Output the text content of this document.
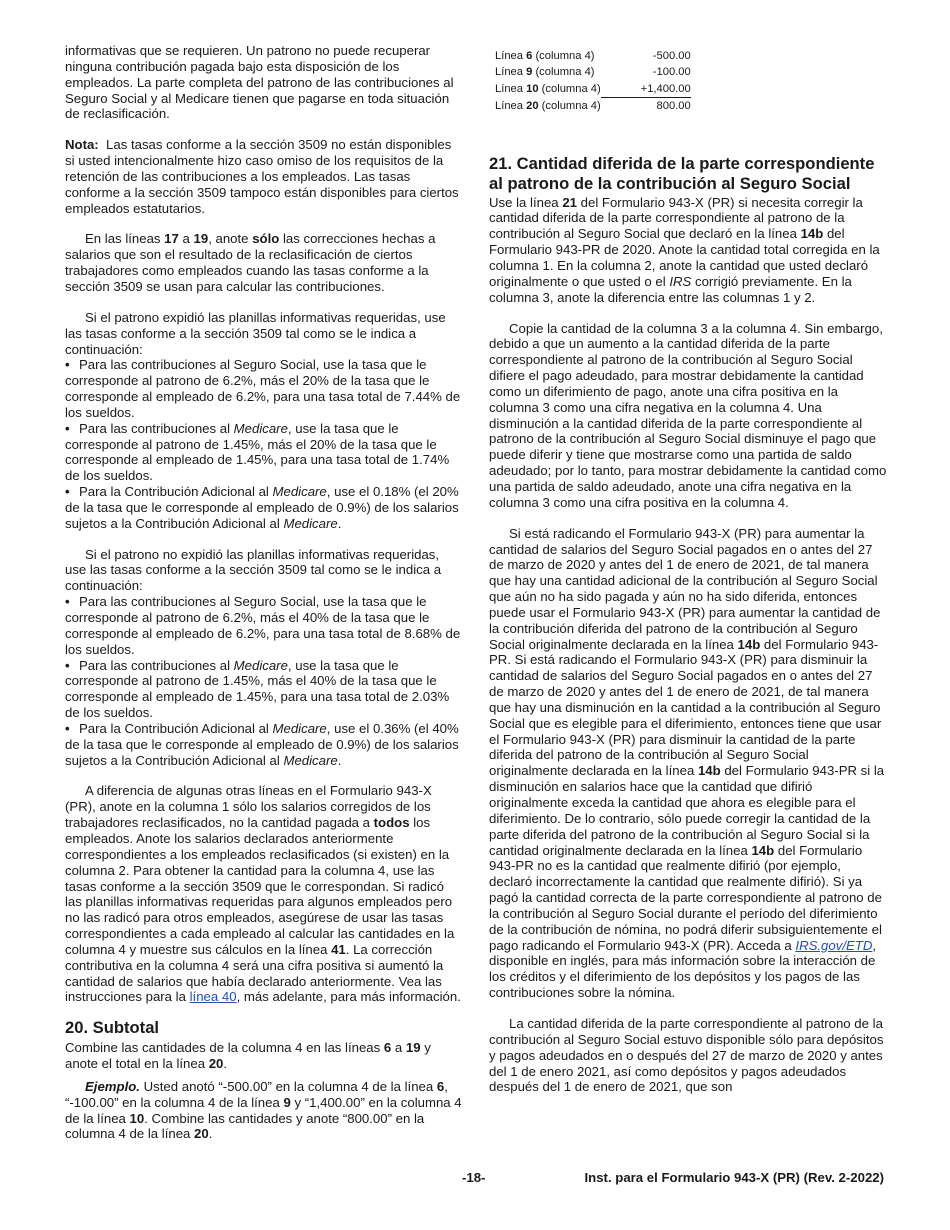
informativas que se requieren. Un patrono no puede recuperar ninguna contribución pagada bajo esta disposición de los empleados. La parte completa del patrono de las contribuciones al Seguro Social y al Medicare tienen que pagarse en toda situación de reclasificación.

Nota: Las tasas conforme a la sección 3509 no están disponibles si usted intencionalmente hizo caso omiso de los requisitos de la retención de las contribuciones a los empleados. Las tasas conforme a la sección 3509 tampoco están disponibles para ciertos empleados estatutarios.

En las líneas 17 a 19, anote sólo las correcciones hechas a salarios que son el resultado de la reclasificación de ciertos trabajadores como empleados cuando las tasas conforme a la sección 3509 se usan para calcular las contribuciones.

Si el patrono expidió las planillas informativas requeridas, use las tasas conforme a la sección 3509 tal como se le indica a continuación:

• Para las contribuciones al Seguro Social, use la tasa que le corresponde al patrono de 6.2%, más el 20% de la tasa que le corresponde al empleado de 6.2%, para una tasa total de 7.44% de los sueldos.

• Para las contribuciones al Medicare, use la tasa que le corresponde al patrono de 1.45%, más el 20% de la tasa que le corresponde al empleado de 1.45%, para una tasa total de 1.74% de los sueldos.

• Para la Contribución Adicional al Medicare, use el 0.18% (el 20% de la tasa que le corresponde al empleado de 0.9%) de los salarios sujetos a la Contribución Adicional al Medicare.

Si el patrono no expidió las planillas informativas requeridas, use las tasas conforme a la sección 3509 tal como se le indica a continuación:

• Para las contribuciones al Seguro Social, use la tasa que le corresponde al patrono de 6.2%, más el 40% de la tasa que le corresponde al empleado de 6.2%, para una tasa total de 8.68% de los sueldos.

• Para las contribuciones al Medicare, use la tasa que le corresponde al patrono de 1.45%, más el 40% de la tasa que le corresponde al empleado de 1.45%, para una tasa total de 2.03% de los sueldos.

• Para la Contribución Adicional al Medicare, use el 0.36% (el 40% de la tasa que le corresponde al empleado de 0.9%) de los salarios sujetos a la Contribución Adicional al Medicare.

A diferencia de algunas otras líneas en el Formulario 943-X (PR), anote en la columna 1 sólo los salarios corregidos de los trabajadores reclasificados, no la cantidad pagada a todos los empleados. Anote los salarios declarados anteriormente correspondientes a los empleados reclasificados (si existen) en la columna 2. Para obtener la cantidad para la columna 4, use las tasas conforme a la sección 3509 que le correspondan. Si radicó las planillas informativas requeridas para algunos empleados pero no las radicó para otros empleados, asegúrese de usar las tasas correspondientes a cada empleado al calcular las cantidades en la columna 4 y muestre sus cálculos en la línea 41. La corrección contributiva en la columna 4 será una cifra positiva si aumentó la cantidad de salarios que había declarado anteriormente. Vea las instrucciones para la línea 40, más adelante, para más información.

20. Subtotal

Combine las cantidades de la columna 4 en las líneas 6 a 19 y anote el total en la línea 20.

Ejemplo. Usted anotó “-500.00” en la columna 4 de la línea 6, “-100.00” en la columna 4 de la línea 9 y “1,400.00” en la columna 4 de la línea 10. Combine las cantidades y anote “800.00” en la columna 4 de la línea 20.

Línea 6 (columna 4)	-500.00
Línea 9 (columna 4)	-100.00
Línea 10 (columna 4)	+1,400.00
Línea 20 (columna 4)	800.00
21. Cantidad diferida de la parte correspondiente al patrono de la contribución al Seguro Social

Use la línea 21 del Formulario 943-X (PR) si necesita corregir la cantidad diferida de la parte correspondiente al patrono de la contribución al Seguro Social que declaró en la línea 14b del Formulario 943-PR de 2020. Anote la cantidad total corregida en la columna 1. En la columna 2, anote la cantidad que usted declaró originalmente o que usted o el IRS corrigió previamente. En la columna 3, anote la diferencia entre las columnas 1 y 2.

Copie la cantidad de la columna 3 a la columna 4. Sin embargo, debido a que un aumento a la cantidad diferida de la parte correspondiente al patrono de la contribución al Seguro Social difiere el pago adeudado, para mostrar debidamente la cantidad como un diferimiento de pago, anote una cifra positiva en la columna 3 como una cifra negativa en la columna 4. Una disminución a la cantidad diferida de la parte correspondiente al patrono de la contribución al Seguro Social disminuye el pago que puede diferir y tiene que mostrarse como una partida de saldo adeudado; por lo tanto, para mostrar debidamente la cantidad como una partida de saldo adeudado, anote una cifra negativa en la columna 3 como una cifra positiva en la columna 4.

Si está radicando el Formulario 943-X (PR) para aumentar la cantidad de salarios del Seguro Social pagados en o antes del 27 de marzo de 2020 y antes del 1 de enero de 2021, de tal manera que hay una cantidad adicional de la contribución al Seguro Social que aún no ha sido pagada y aún no ha sido diferida, entonces puede usar el Formulario 943-X (PR) para aumentar la cantidad de la contribución diferida del patrono de la contribución al Seguro Social originalmente declarada en la línea 14b del Formulario 943-PR. Si está radicando el Formulario 943-X (PR) para disminuir la cantidad de salarios del Seguro Social pagados en o antes del 27 de marzo de 2020 y antes del 1 de enero de 2021, de tal manera que hay una disminución en la cantidad a la contribución al Seguro Social que es elegible para el diferimiento, entonces tiene que usar el Formulario 943-X (PR) para disminuir la cantidad de la parte diferida del patrono de la contribución al Seguro Social originalmente declarada en la línea 14b del Formulario 943-PR si la disminución en salarios hace que la cantidad que difirió originalmente exceda la cantidad que ahora es elegible para el diferimiento. De lo contrario, sólo puede corregir la cantidad de la parte diferida del patrono de la contribución al Seguro Social si la cantidad originalmente declarada en la línea 14b del Formulario 943-PR no es la cantidad que realmente difirió (por ejemplo, declaró incorrectamente la cantidad que realmente difirió). Si ya pagó la cantidad correcta de la parte correspondiente al patrono de la contribución al Seguro Social durante el período del diferimiento de la contribución de nómina, no podrá diferir subsiguientemente el pago radicando el Formulario 943-X (PR). Acceda a IRS.gov/ETD, disponible en inglés, para más información sobre la interacción de los créditos y el diferimiento de los depósitos y los pagos de las contribuciones sobre la nómina.

La cantidad diferida de la parte correspondiente al patrono de la contribución al Seguro Social estuvo disponible sólo para depósitos y pagos adeudados en o después del 27 de marzo de 2020 y antes del 1 de enero 2021, así como depósitos y pagos adeudados después del 1 de enero de 2021, que son

-18-	Inst. para el Formulario 943-X (PR) (Rev. 2-2022)
